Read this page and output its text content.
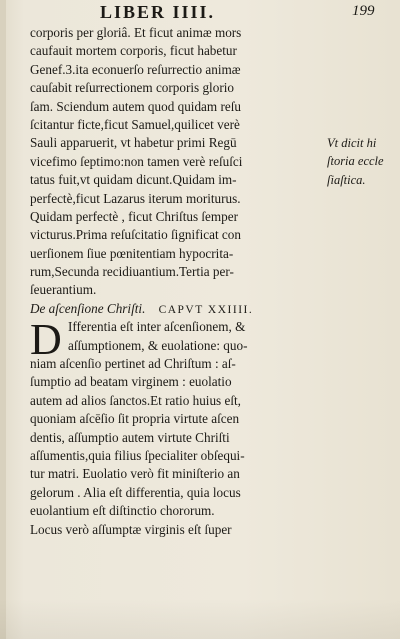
LIBER IIII.	199
corporis per gloriâ. Et ficut animæ mors
caufauit mortem corporis, ficut habetur
Genef.3.ita econuerſo reſurrectio animæ
cauſabit reſurrectionem corporis glorio
ſam. Sciendum autem quod quidam reſu
ſcitantur ficte,ficut Samuel,quilicet verè
Sauli apparuerit, vt habetur primi Regū
vicefimo ſeptimo:non tamen verè reſuſci
tatus fuit,vt quidam dicunt.Quidam im-
perfectè,ficut Lazarus iterum moriturus.
Quidam perfectè , ficut Chriſtus ſemper
victurus.Prima reſuſcitatio ſignificat con
uerſionem ſiue pœnitentiam hypocrita-
rum,Secunda recidiuantium.Tertia per-
ſeuerantium.
De aſcenſione Chriſti. CAPVT XXIIII.
D Ifferentia eſt inter aſcenſionem, &
aſſumptionem, & euolatione: quo-
niam aſcenſio pertinet ad Chriſtum : aſ-
ſumptio ad beatam virginem : euolatio
autem ad alios ſanctos.Et ratio huius eſt,
quoniam aſcēſio ſit propria virtute aſcen
dentis, aſſumptio autem virtute Chriſti
aſſumentis,quia filius ſpecialiter obſequi-
tur matri. Euolatio verò fit miniſterio an
gelorum . Alia eſt differentia, quia locus
euolantium eſt diſtinctio chororum.
Locus verò aſſumptæ virginis eſt ſuper
Vt dicit hi
ſtoria eccle
ſiaſtica.
